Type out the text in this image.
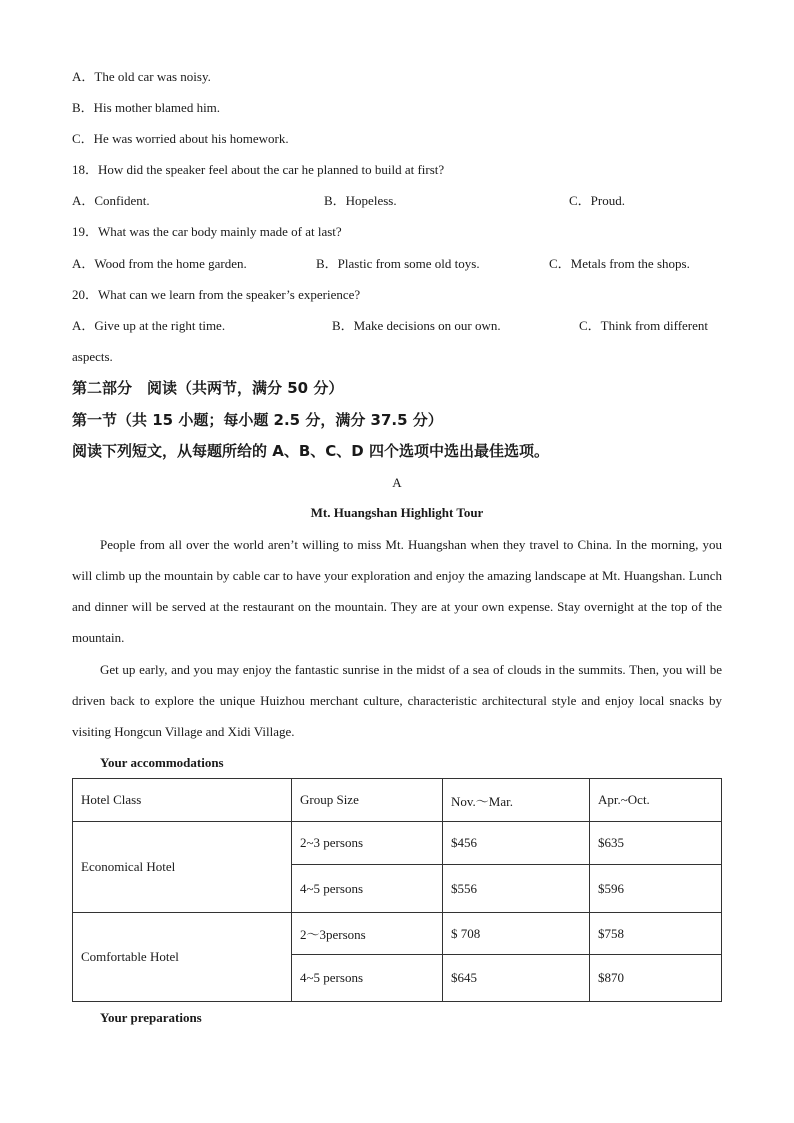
A．The old car was noisy.
B．His mother blamed him.
C．He was worried about his homework.
18．How did the speaker feel about the car he planned to build at first?
A．Confident.	B．Hopeless.	C．Proud.
19．What was the car body mainly made of at last?
A．Wood from the home garden.	B．Plastic from some old toys.	C．Metals from the shops.
20．What can we learn from the speaker’s experience?
A．Give up at the right time.	B．Make decisions on our own.	C．Think from different
aspects.
第二部分　阅读（共两节，满分 50 分）
第一节（共 15 小题；每小题 2.5 分，满分 37.5 分）
阅读下列短文，从每题所给的 A、B、C、D 四个选项中选出最佳选项。
A
Mt. Huangshan Highlight Tour

People from all over the world aren’t willing to miss Mt. Huangshan when they travel to China. In the morning, you will climb up the mountain by cable car to have your exploration and enjoy the amazing landscape at Mt. Huangshan. Lunch and dinner will be served at the restaurant on the mountain. They are at your own expense. Stay overnight at the top of the mountain.

Get up early, and you may enjoy the fantastic sunrise in the midst of a sea of clouds in the summits. Then, you will be driven back to explore the unique Huizhou merchant culture, characteristic architectural style and enjoy local snacks by visiting Hongcun Village and Xidi Village.

Your accommodations
Hotel Class	Group Size	Nov.～Mar.	Apr.~Oct.
Economical Hotel	2~3 persons	$456	$635
	4~5 persons	$556	$596
Comfortable Hotel	2～3persons	$ 708	$758
	4~5 persons	$645	$870
Your preparations
